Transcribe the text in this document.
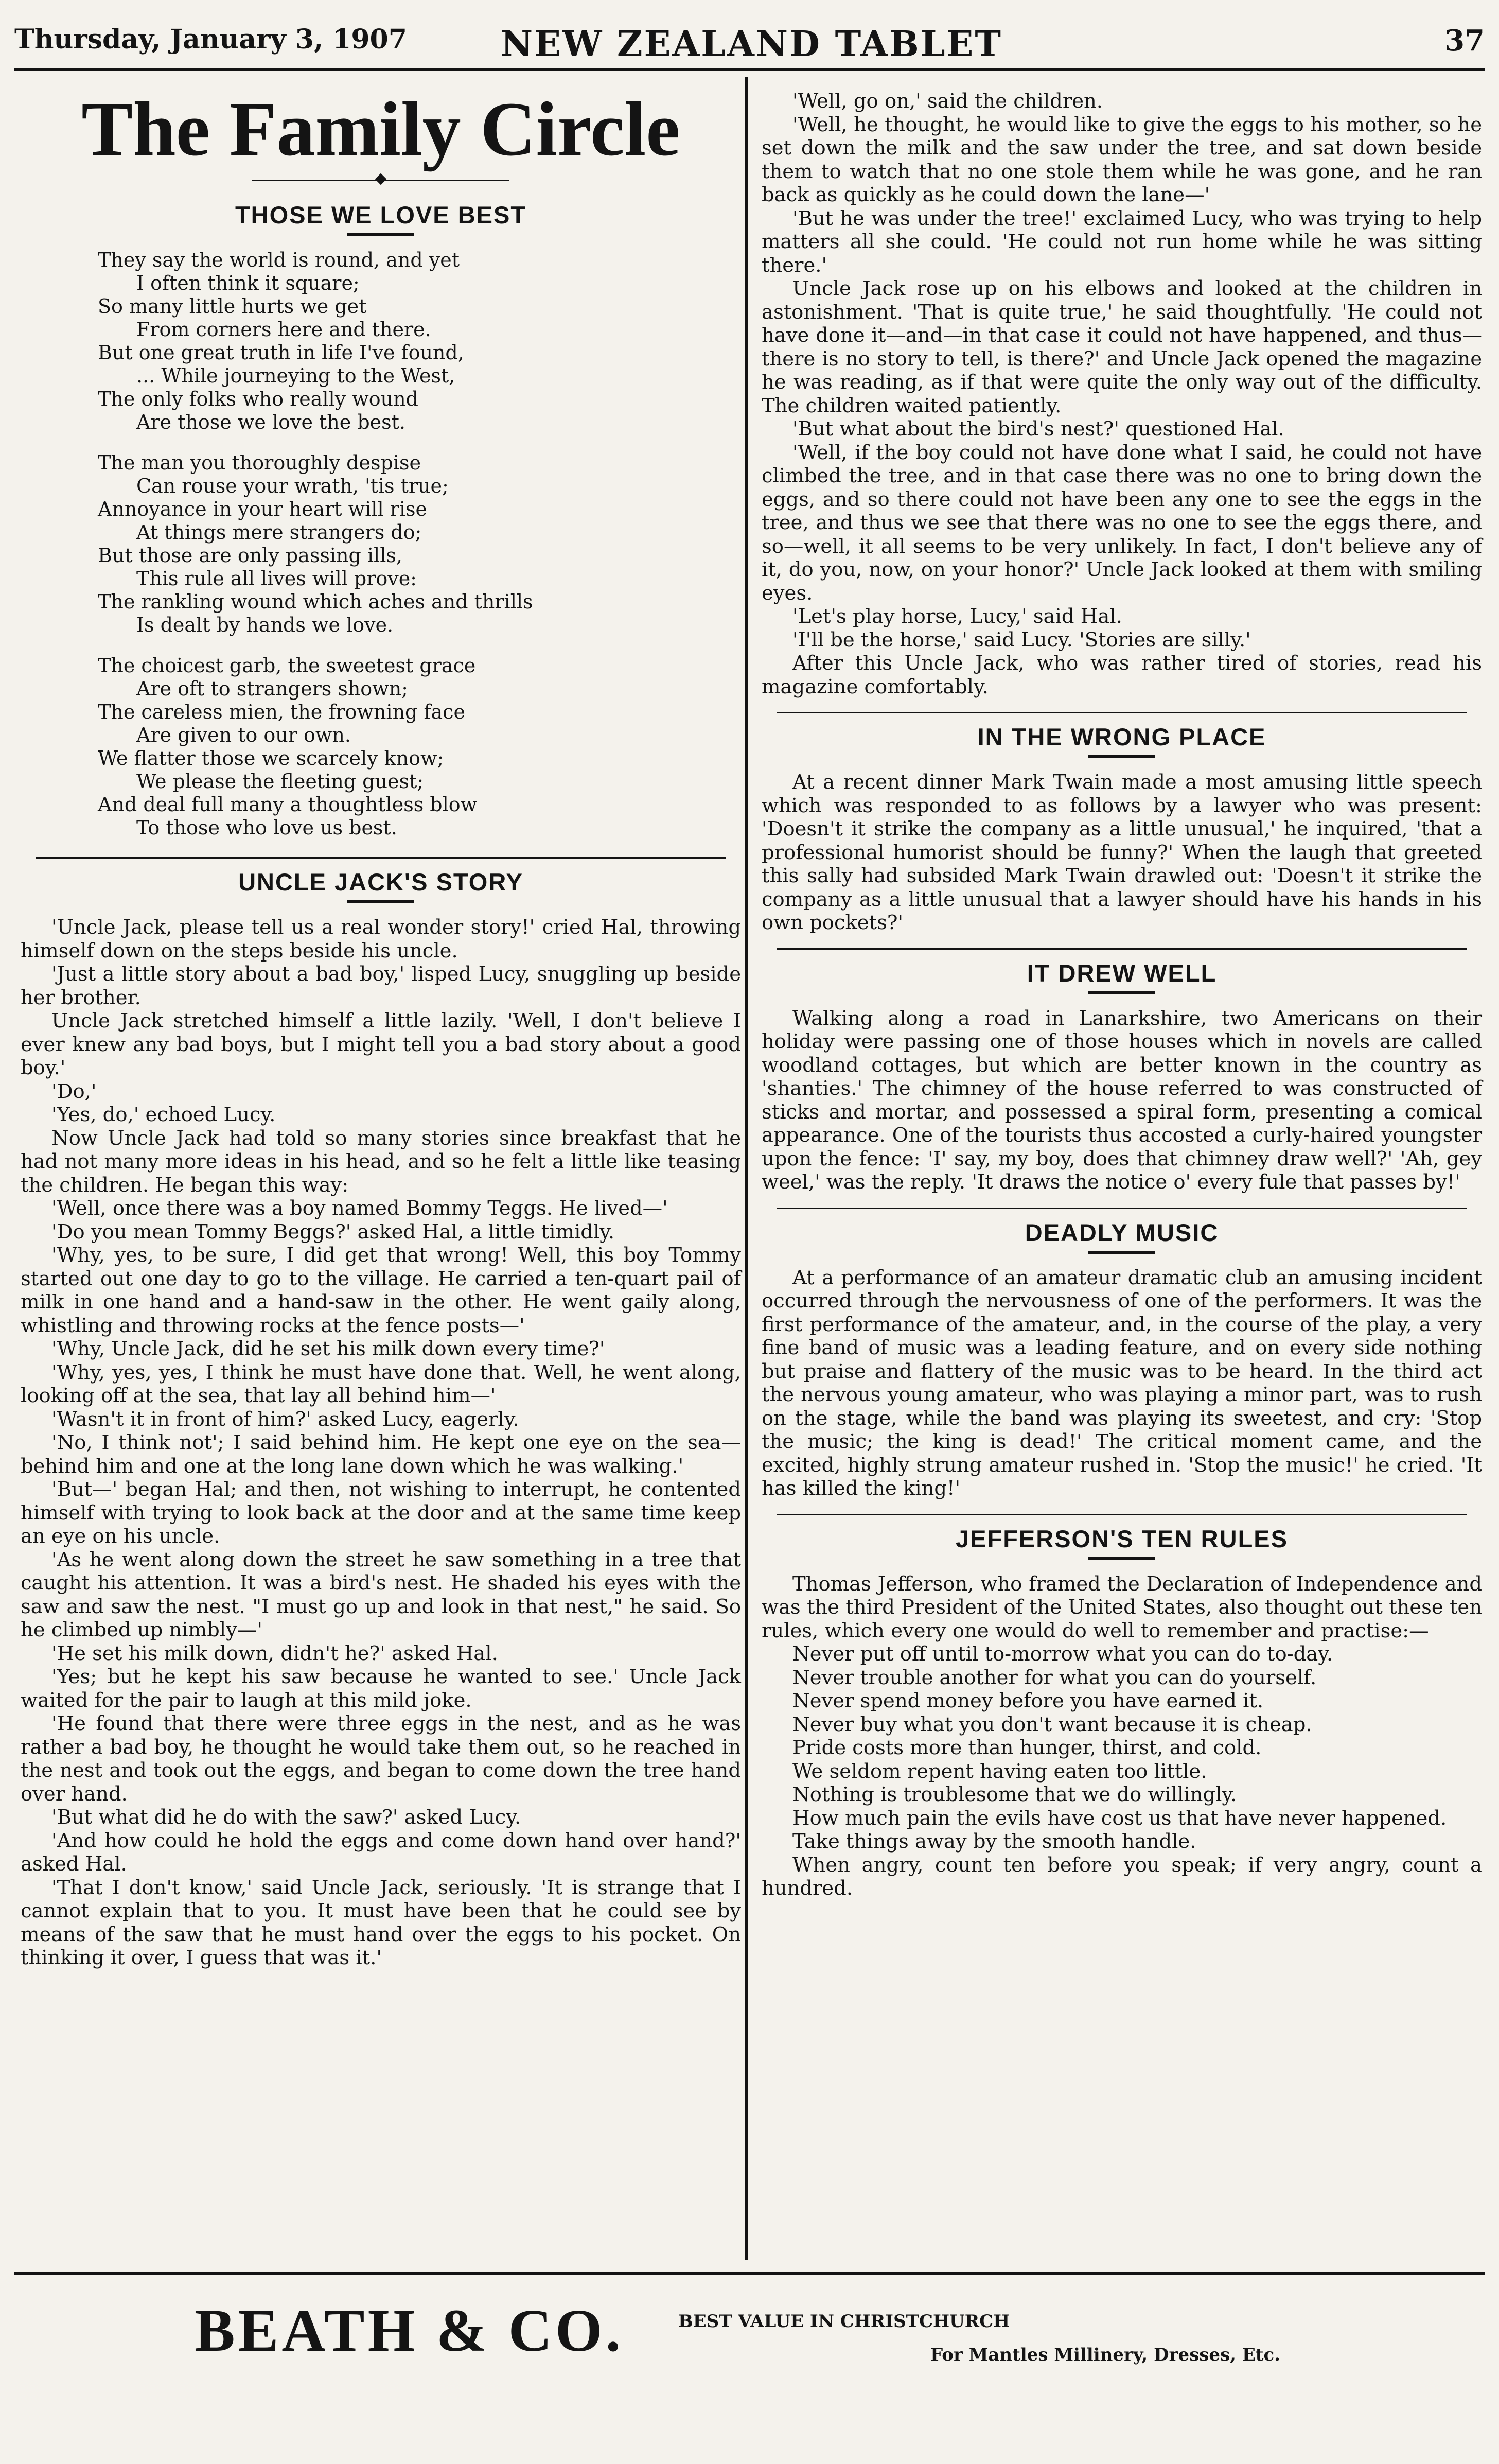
Thursday, January 3, 1907	NEW ZEALAND TABLET	37
The Family Circle
THOSE WE LOVE BEST
They say the world is round, and yet
I often think it square;
So many little hurts we get
From corners here and there.
But one great truth in life I've found,
... While journeying to the West,
The only folks who really wound
Are those we love the best.
The man you thoroughly despise
Can rouse your wrath, 'tis true;
Annoyance in your heart will rise
At things mere strangers do;
But those are only passing ills,
This rule all lives will prove:
The rankling wound which aches and thrills
Is dealt by hands we love.
The choicest garb, the sweetest grace
Are oft to strangers shown;
The careless mien, the frowning face
Are given to our own.
We flatter those we scarcely know;
We please the fleeting guest;
And deal full many a thoughtless blow
To those who love us best.
UNCLE JACK'S STORY

'Uncle Jack, please tell us a real wonder story!' cried Hal, throwing himself down on the steps beside his uncle.

'Just a little story about a bad boy,' lisped Lucy, snuggling up beside her brother.

Uncle Jack stretched himself a little lazily. 'Well, I don't believe I ever knew any bad boys, but I might tell you a bad story about a good boy.'

'Do,'

'Yes, do,' echoed Lucy.

Now Uncle Jack had told so many stories since breakfast that he had not many more ideas in his head, and so he felt a little like teasing the children. He began this way:

'Well, once there was a boy named Bommy Teggs. He lived—'

'Do you mean Tommy Beggs?' asked Hal, a little timidly.

'Why, yes, to be sure, I did get that wrong! Well, this boy Tommy started out one day to go to the village. He carried a ten-quart pail of milk in one hand and a hand-saw in the other. He went gaily along, whistling and throwing rocks at the fence posts—'

'Why, Uncle Jack, did he set his milk down every time?'

'Why, yes, yes, I think he must have done that. Well, he went along, looking off at the sea, that lay all behind him—'

'Wasn't it in front of him?' asked Lucy, eagerly.

'No, I think not'; I said behind him. He kept one eye on the sea—behind him and one at the long lane down which he was walking.'

'But—' began Hal; and then, not wishing to interrupt, he contented himself with trying to look back at the door and at the same time keep an eye on his uncle.

'As he went along down the street he saw something in a tree that caught his attention. It was a bird's nest. He shaded his eyes with the saw and saw the nest. "I must go up and look in that nest," he said. So he climbed up nimbly—'

'He set his milk down, didn't he?' asked Hal.

'Yes; but he kept his saw because he wanted to see.' Uncle Jack waited for the pair to laugh at this mild joke.

'He found that there were three eggs in the nest, and as he was rather a bad boy, he thought he would take them out, so he reached in the nest and took out the eggs, and began to come down the tree hand over hand.

'But what did he do with the saw?' asked Lucy.

'And how could he hold the eggs and come down hand over hand?' asked Hal.

'That I don't know,' said Uncle Jack, seriously. 'It is strange that I cannot explain that to you. It must have been that he could see by means of the saw that he must hand over the eggs to his pocket. On thinking it over, I guess that was it.'

'Well, go on,' said the children.

'Well, he thought, he would like to give the eggs to his mother, so he set down the milk and the saw under the tree, and sat down beside them to watch that no one stole them while he was gone, and he ran back as quickly as he could down the lane—'

'But he was under the tree!' exclaimed Lucy, who was trying to help matters all she could. 'He could not run home while he was sitting there.'

Uncle Jack rose up on his elbows and looked at the children in astonishment. 'That is quite true,' he said thoughtfully. 'He could not have done it—and—in that case it could not have happened, and thus—there is no story to tell, is there?' and Uncle Jack opened the magazine he was reading, as if that were quite the only way out of the difficulty. The children waited patiently.

'But what about the bird's nest?' questioned Hal.

'Well, if the boy could not have done what I said, he could not have climbed the tree, and in that case there was no one to bring down the eggs, and so there could not have been any one to see the eggs in the tree, and thus we see that there was no one to see the eggs there, and so—well, it all seems to be very unlikely. In fact, I don't believe any of it, do you, now, on your honor?' Uncle Jack looked at them with smiling eyes.

'Let's play horse, Lucy,' said Hal.

'I'll be the horse,' said Lucy. 'Stories are silly.'

After this Uncle Jack, who was rather tired of stories, read his magazine comfortably.

IN THE WRONG PLACE

At a recent dinner Mark Twain made a most amusing little speech which was responded to as follows by a lawyer who was present: 'Doesn't it strike the company as a little unusual,' he inquired, 'that a professional humorist should be funny?' When the laugh that greeted this sally had subsided Mark Twain drawled out: 'Doesn't it strike the company as a little unusual that a lawyer should have his hands in his own pockets?'

IT DREW WELL

Walking along a road in Lanarkshire, two Americans on their holiday were passing one of those houses which in novels are called woodland cottages, but which are better known in the country as 'shanties.' The chimney of the house referred to was constructed of sticks and mortar, and possessed a spiral form, presenting a comical appearance. One of the tourists thus accosted a curly-haired youngster upon the fence: 'I' say, my boy, does that chimney draw well?' 'Ah, gey weel,' was the reply. 'It draws the notice o' every fule that passes by!'

DEADLY MUSIC

At a performance of an amateur dramatic club an amusing incident occurred through the nervousness of one of the performers. It was the first performance of the amateur, and, in the course of the play, a very fine band of music was a leading feature, and on every side nothing but praise and flattery of the music was to be heard. In the third act the nervous young amateur, who was playing a minor part, was to rush on the stage, while the band was playing its sweetest, and cry: 'Stop the music; the king is dead!' The critical moment came, and the excited, highly strung amateur rushed in. 'Stop the music!' he cried. 'It has killed the king!'

JEFFERSON'S TEN RULES

Thomas Jefferson, who framed the Declaration of Independence and was the third President of the United States, also thought out these ten rules, which every one would do well to remember and practise:—

Never put off until to-morrow what you can do to-day.

Never trouble another for what you can do yourself.

Never spend money before you have earned it.

Never buy what you don't want because it is cheap.

Pride costs more than hunger, thirst, and cold.

We seldom repent having eaten too little.

Nothing is troublesome that we do willingly.

How much pain the evils have cost us that have never happened.

Take things away by the smooth handle.

When angry, count ten before you speak; if very angry, count a hundred.

BEATH & CO.	BEST VALUE IN CHRISTCHURCH
For Mantles Millinery, Dresses, Etc.
